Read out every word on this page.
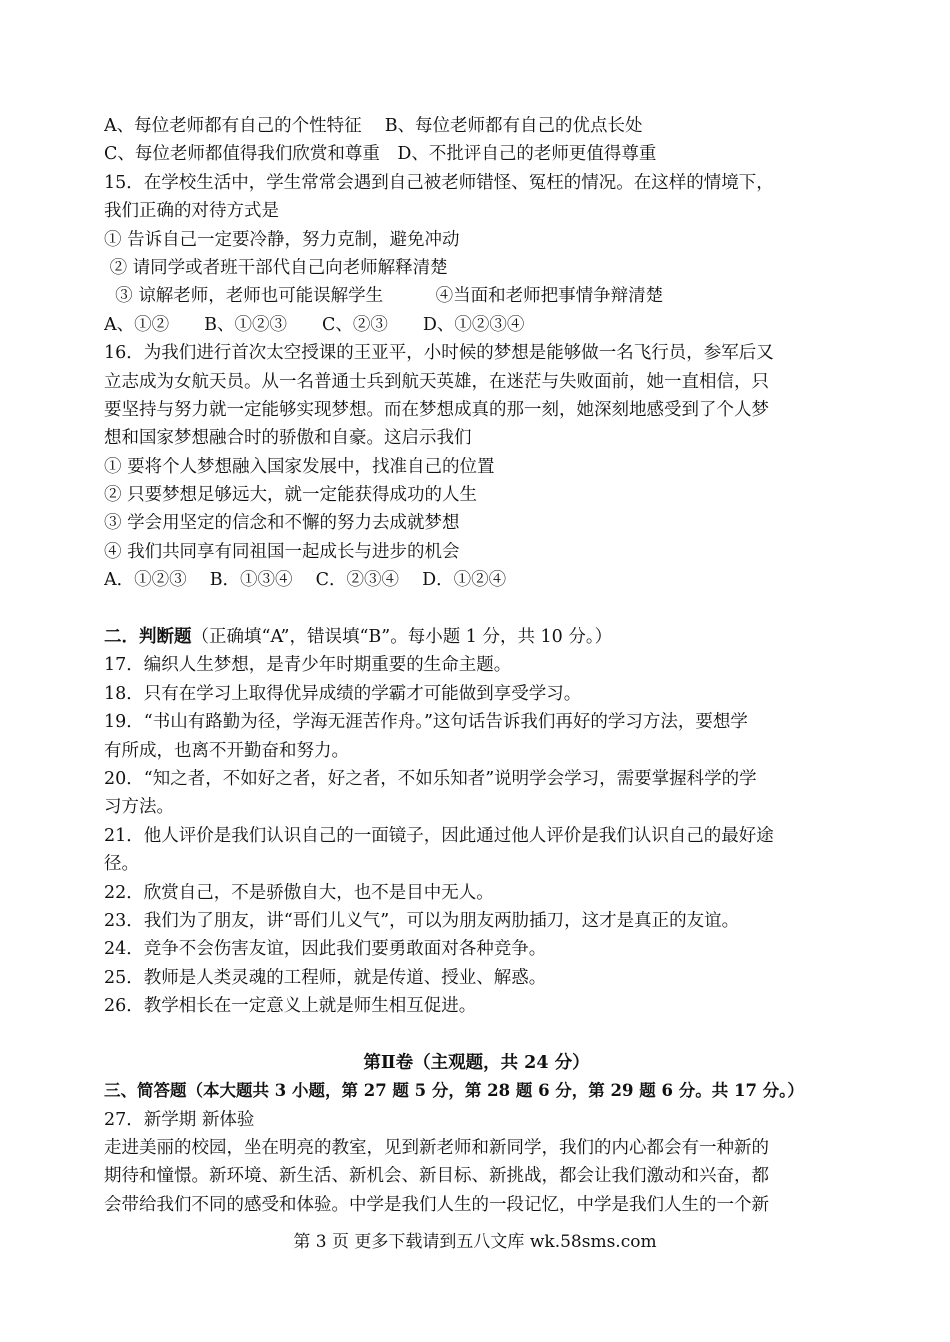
A、每位老师都有自己的个性特征　 B、每位老师都有自己的优点长处
C、每位老师都值得我们欣赏和尊重　D、不批评自己的老师更值得尊重
15．在学校生活中，学生常常会遇到自己被老师错怪、冤枉的情况。在这样的情境下，
我们正确的对待方式是
① 告诉自己一定要冷静，努力克制，避免冲动
② 请同学或者班干部代自己向老师解释清楚
③ 谅解老师，老师也可能误解学生　　　④当面和老师把事情争辩清楚
A、①②　　B、①②③　　C、②③　　D、①②③④
16．为我们进行首次太空授课的王亚平，小时候的梦想是能够做一名飞行员，参军后又
立志成为女航天员。从一名普通士兵到航天英雄，在迷茫与失败面前，她一直相信，只
要坚持与努力就一定能够实现梦想。而在梦想成真的那一刻，她深刻地感受到了个人梦
想和国家梦想融合时的骄傲和自豪。这启示我们
① 要将个人梦想融入国家发展中，找准自己的位置
② 只要梦想足够远大，就一定能获得成功的人生
③ 学会用坚定的信念和不懈的努力去成就梦想
④ 我们共同享有同祖国一起成长与进步的机会
A．①②③　 B．①③④　 C．②③④　 D．①②④
二．判断题（正确填“A”，错误填“B”。每小题 1 分，共 10 分。）
17．编织人生梦想，是青少年时期重要的生命主题。
18．只有在学习上取得优异成绩的学霸才可能做到享受学习。
19．“书山有路勤为径，学海无涯苦作舟。”这句话告诉我们再好的学习方法，要想学
有所成，也离不开勤奋和努力。
20．“知之者，不如好之者，好之者，不如乐知者”说明学会学习，需要掌握科学的学
习方法。
21．他人评价是我们认识自己的一面镜子，因此通过他人评价是我们认识自己的最好途
径。
22．欣赏自己，不是骄傲自大，也不是目中无人。
23．我们为了朋友，讲“哥们儿义气”，可以为朋友两肋插刀，这才是真正的友谊。
24．竞争不会伤害友谊，因此我们要勇敢面对各种竞争。
25．教师是人类灵魂的工程师，就是传道、授业、解惑。
26．教学相长在一定意义上就是师生相互促进。
第Ⅱ卷（主观题，共 24 分）
三、简答题（本大题共 3 小题，第 27 题 5 分，第 28 题 6 分，第 29 题 6 分。共 17 分。）
27．新学期 新体验
走进美丽的校园，坐在明亮的教室，见到新老师和新同学，我们的内心都会有一种新的
期待和憧憬。新环境、新生活、新机会、新目标、新挑战，都会让我们激动和兴奋，都
会带给我们不同的感受和体验。中学是我们人生的一段记忆，中学是我们人生的一个新
第 3 页 更多下载请到五八文库 wk.58sms.com
